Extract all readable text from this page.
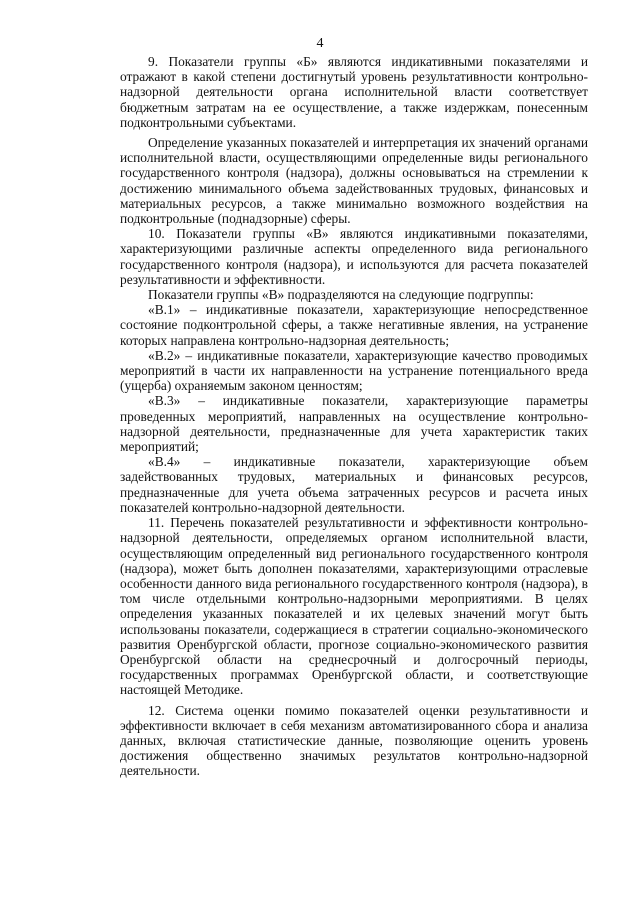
4

9. Показатели группы «Б» являются индикативными показателями и отражают в какой степени достигнутый уровень результативности контрольно-надзорной деятельности органа исполнительной власти соответствует бюджетным затратам на ее осуществление, а также издержкам, понесенным подконтрольными субъектами.

Определение указанных показателей и интерпретация их значений органами исполнительной власти, осуществляющими определенные виды регионального государственного контроля (надзора), должны основываться на стремлении к достижению минимального объема задействованных трудовых, финансовых и материальных ресурсов, а также минимально возможного воздействия на подконтрольные (поднадзорные) сферы.

10. Показатели группы «В» являются индикативными показателями, характеризующими различные аспекты определенного вида регионального государственного контроля (надзора), и используются для расчета показателей результативности и эффективности.

Показатели группы «В» подразделяются на следующие подгруппы:

«В.1» – индикативные показатели, характеризующие непосредственное состояние подконтрольной сферы, а также негативные явления, на устранение которых направлена контрольно-надзорная деятельность;

«В.2» – индикативные показатели, характеризующие качество проводимых мероприятий в части их направленности на устранение потенциального вреда (ущерба) охраняемым законом ценностям;

«В.3» – индикативные показатели, характеризующие параметры проведенных мероприятий, направленных на осуществление контрольно-надзорной деятельности, предназначенные для учета характеристик таких мероприятий;

«В.4» – индикативные показатели, характеризующие объем задействованных трудовых, материальных и финансовых ресурсов, предназначенные для учета объема затраченных ресурсов и расчета иных показателей контрольно-надзорной деятельности.

11. Перечень показателей результативности и эффективности контрольно-надзорной деятельности, определяемых органом исполнительной власти, осуществляющим определенный вид регионального государственного контроля (надзора), может быть дополнен показателями, характеризующими отраслевые особенности данного вида регионального государственного контроля (надзора), в том числе отдельными контрольно-надзорными мероприятиями. В целях определения указанных показателей и их целевых значений могут быть использованы показатели, содержащиеся в стратегии социально-экономического развития Оренбургской области, прогнозе социально-экономического развития Оренбургской области на среднесрочный и долгосрочный периоды, государственных программах Оренбургской области, и соответствующие настоящей Методике.

12. Система оценки помимо показателей оценки результативности и эффективности включает в себя механизм автоматизированного сбора и анализа данных, включая статистические данные, позволяющие оценить уровень достижения общественно значимых результатов контрольно-надзорной деятельности.
